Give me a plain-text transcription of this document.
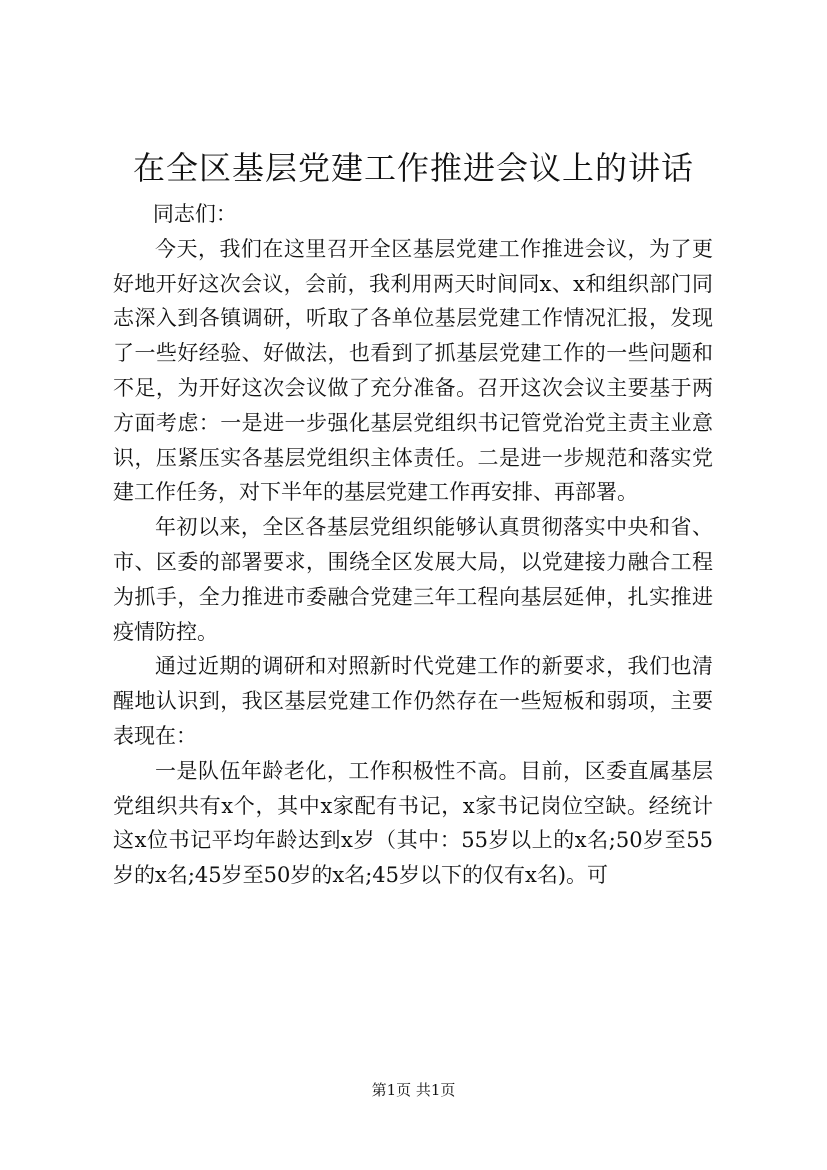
在全区基层党建工作推进会议上的讲话

同志们：

今天，我们在这里召开全区基层党建工作推进会议，为了更好地开好这次会议，会前，我利用两天时间同x、x和组织部门同志深入到各镇调研，听取了各单位基层党建工作情况汇报，发现了一些好经验、好做法，也看到了抓基层党建工作的一些问题和不足，为开好这次会议做了充分准备。召开这次会议主要基于两方面考虑：一是进一步强化基层党组织书记管党治党主责主业意识，压紧压实各基层党组织主体责任。二是进一步规范和落实党建工作任务，对下半年的基层党建工作再安排、再部署。

年初以来，全区各基层党组织能够认真贯彻落实中央和省、市、区委的部署要求，围绕全区发展大局，以党建接力融合工程为抓手，全力推进市委融合党建三年工程向基层延伸，扎实推进疫情防控。

通过近期的调研和对照新时代党建工作的新要求，我们也清醒地认识到，我区基层党建工作仍然存在一些短板和弱项，主要表现在：

一是队伍年龄老化，工作积极性不高。目前，区委直属基层党组织共有x个，其中x家配有书记，x家书记岗位空缺。经统计这x位书记平均年龄达到x岁（其中：55岁以上的x名;50岁至55岁的x名;45岁至50岁的x名;45岁以下的仅有x名)。可

第1页 共1页
